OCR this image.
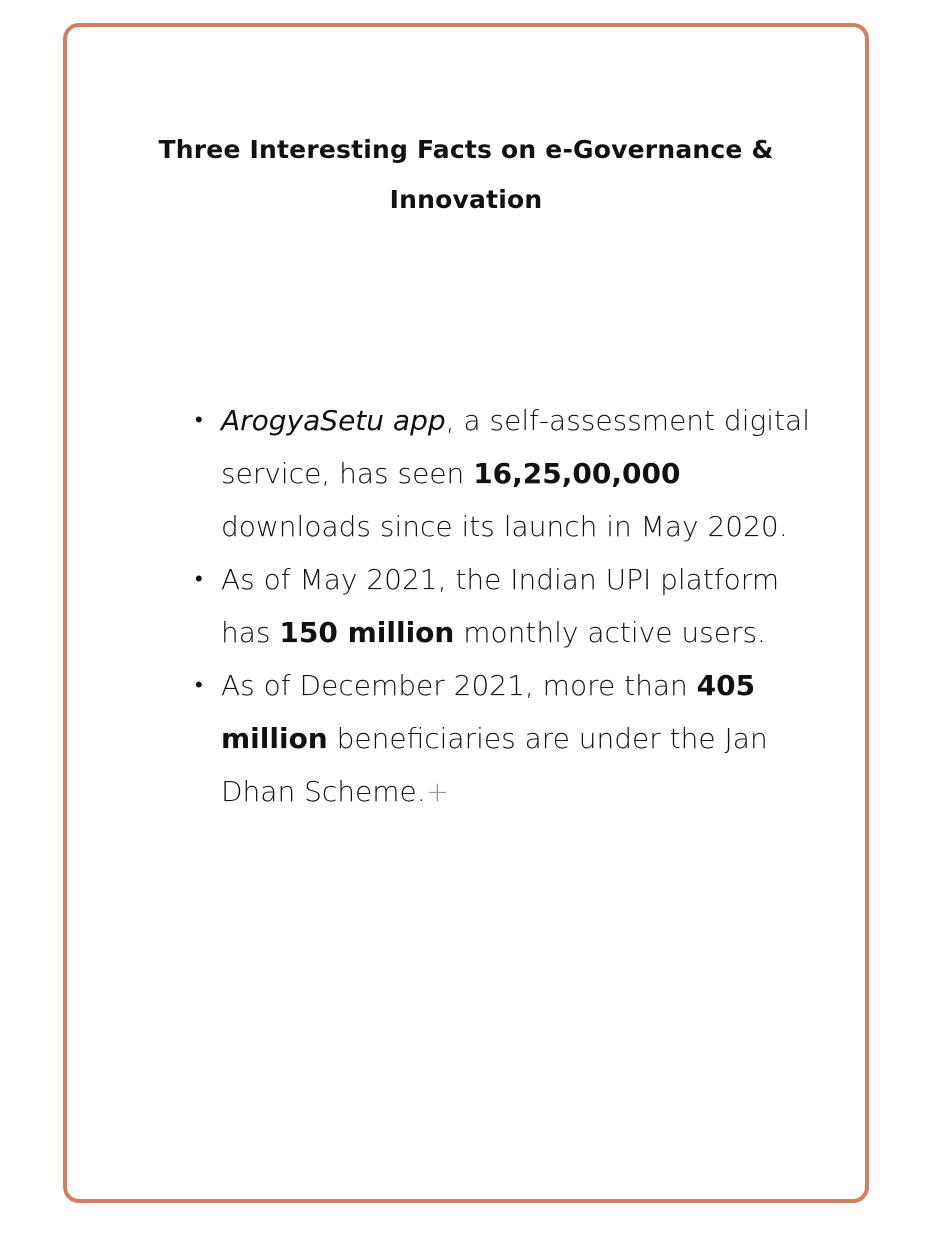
Three Interesting Facts on e-Governance & Innovation
• ArogyaSetu app, a self-assessment digital service, has seen 16,25,00,000 downloads since its launch in May 2020.
• As of May 2021, the Indian UPI platform has 150 million monthly active users.
• As of December 2021, more than 405 million beneficiaries are under the Jan Dhan Scheme.+
